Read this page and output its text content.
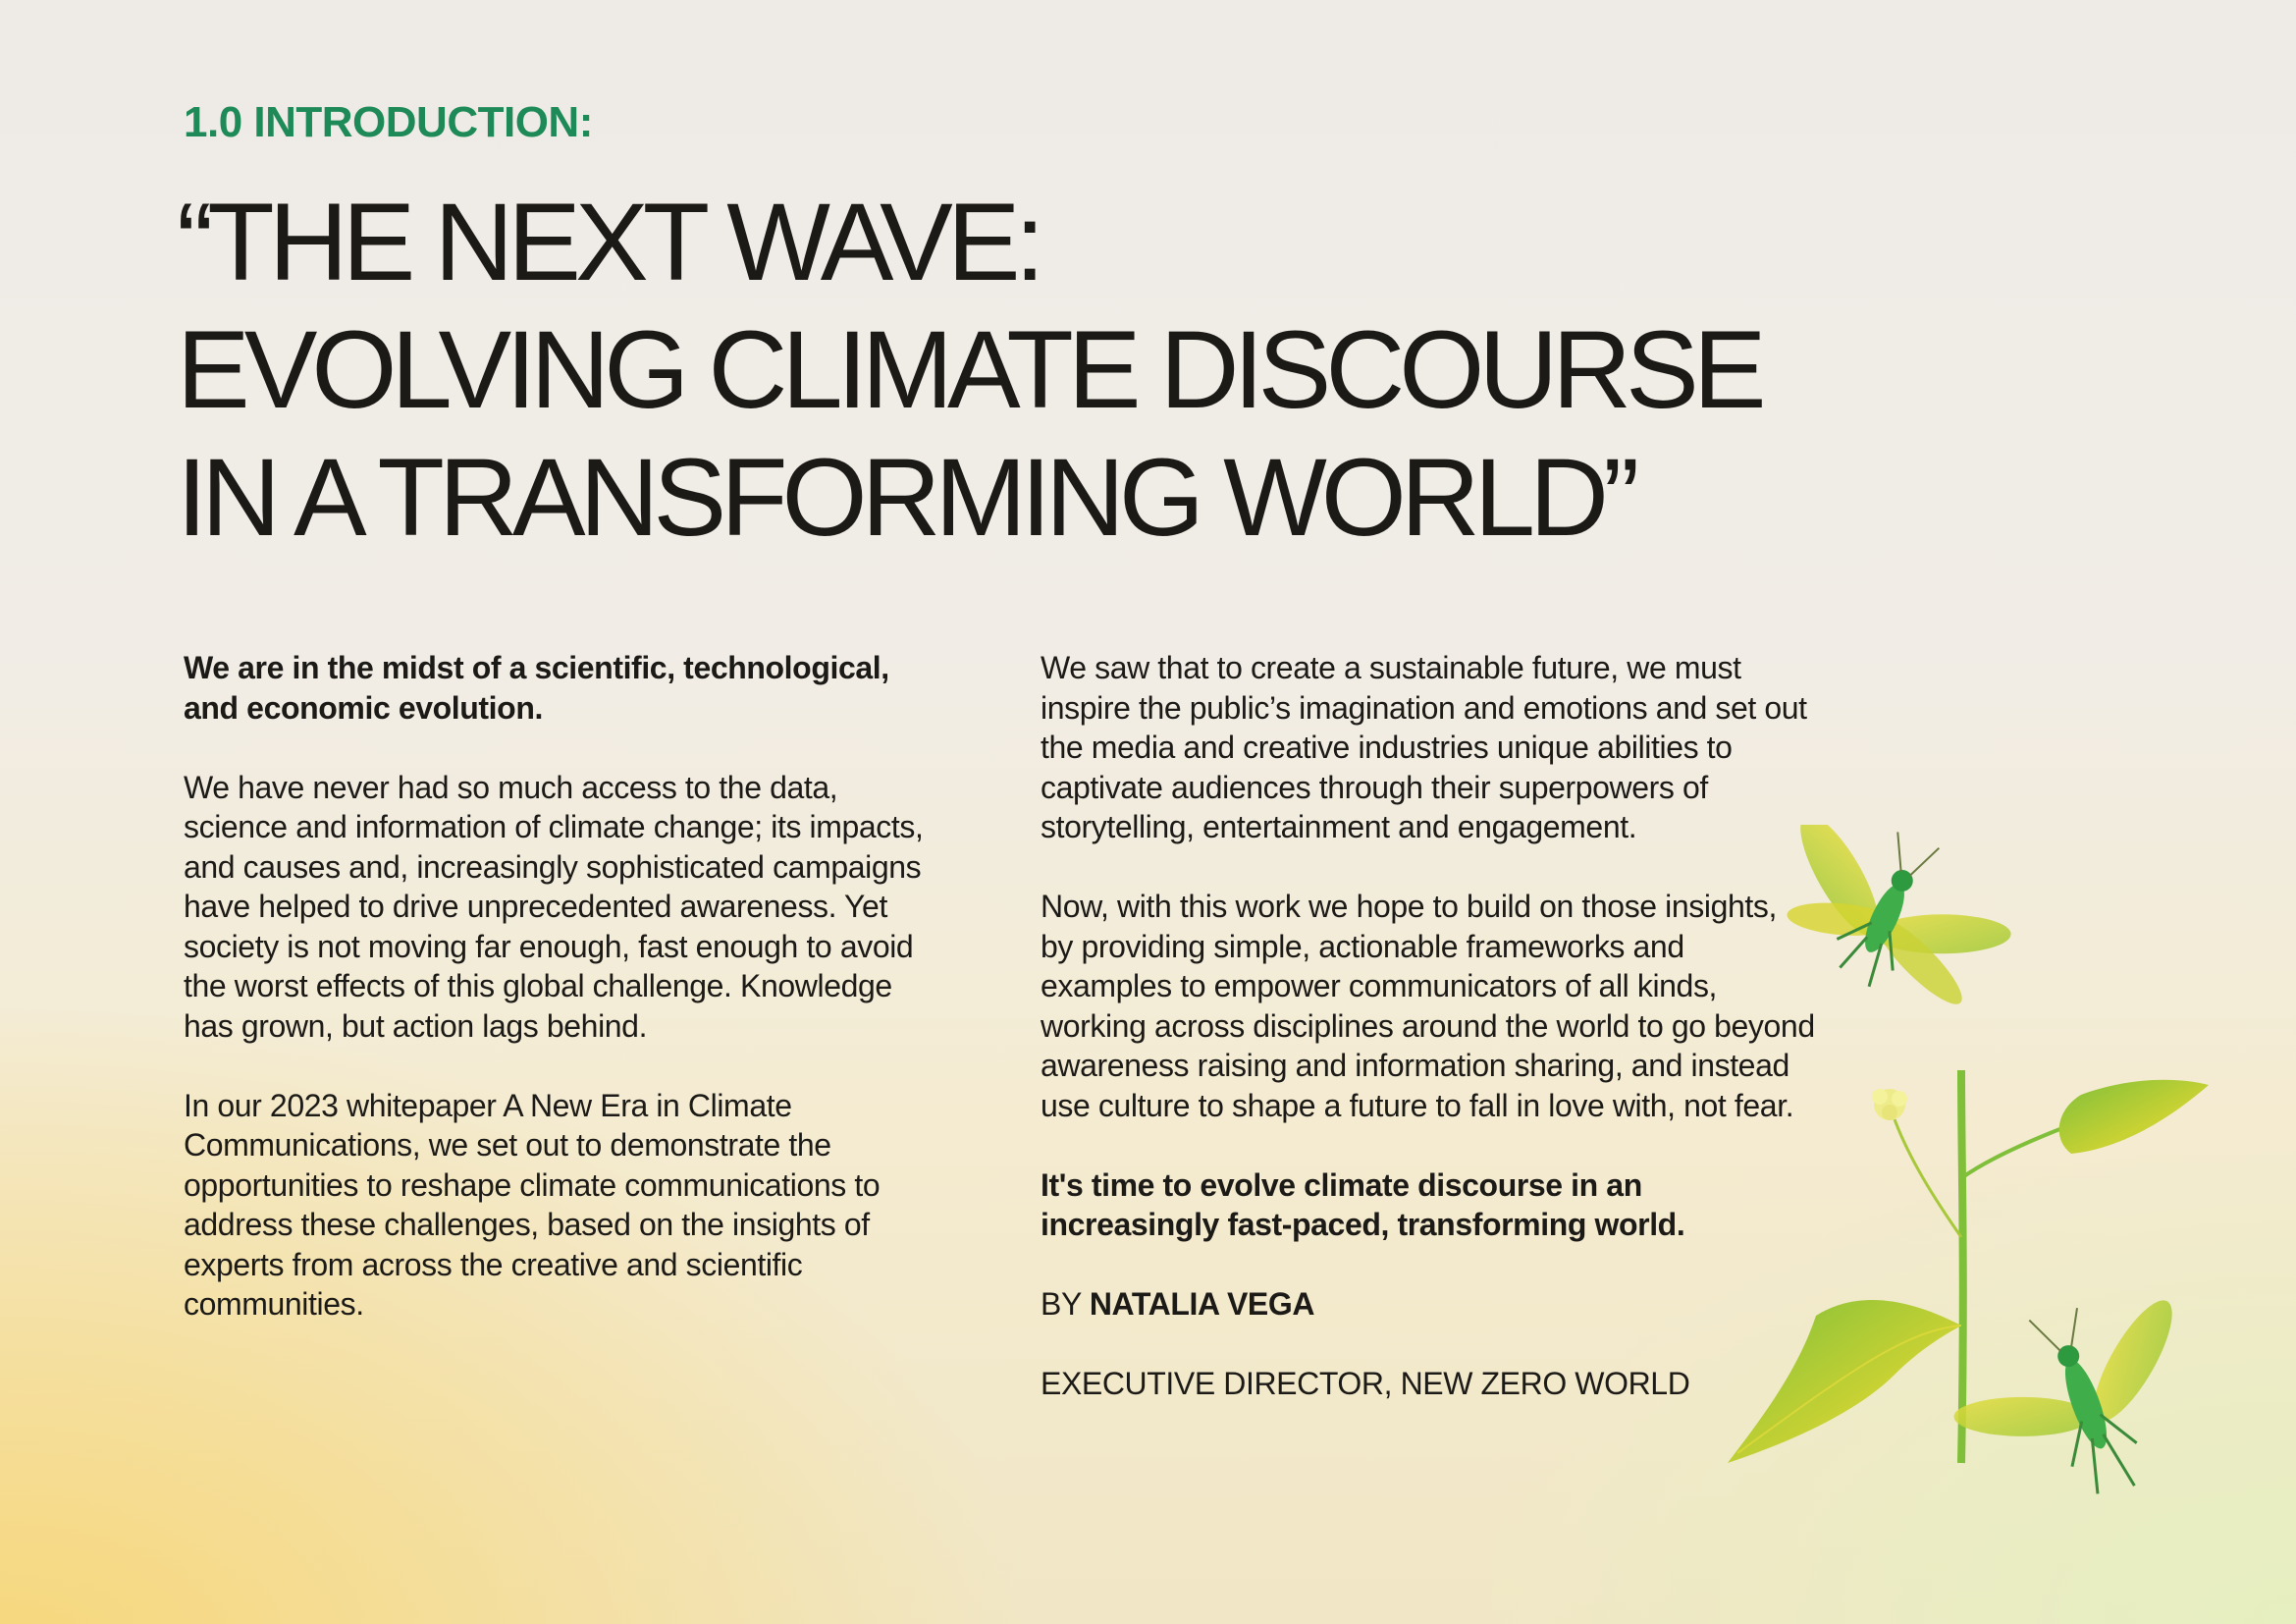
1.0 INTRODUCTION:
“THE NEXT WAVE:
EVOLVING CLIMATE DISCOURSE
IN A TRANSFORMING WORLD”

We are in the midst of a scientific, technological, and economic evolution.

We have never had so much access to the data, science and information of climate change; its impacts, and causes and, increasingly sophisticated campaigns have helped to drive unprecedented awareness. Yet society is not moving far enough, fast enough to avoid the worst effects of this global challenge. Knowledge has grown, but action lags behind.

In our 2023 whitepaper A New Era in Climate Communications, we set out to demonstrate the opportunities to reshape climate communications to address these challenges, based on the insights of experts from across the creative and scientific communities.

We saw that to create a sustainable future, we must inspire the public’s imagination and emotions and set out the media and creative industries unique abilities to captivate audiences through their superpowers of storytelling, entertainment and engagement.

Now, with this work we hope to build on those insights, by providing simple, actionable frameworks and examples to empower communicators of all kinds, working across disciplines around the world to go beyond awareness raising and information sharing, and instead use culture to shape a future to fall in love with, not fear.

It's time to evolve climate discourse in an increasingly fast-paced, transforming world.

BY NATALIA VEGA

EXECUTIVE DIRECTOR, NEW ZERO WORLD
